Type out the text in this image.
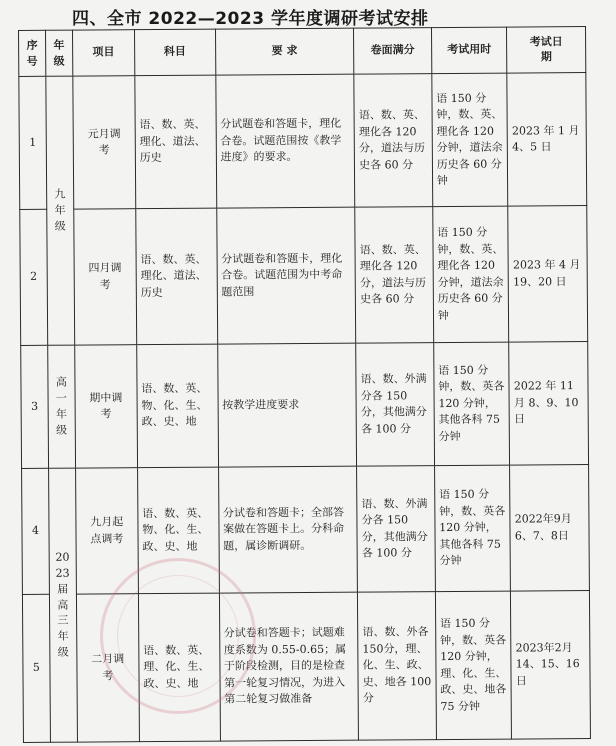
四、全市 2022—2023 学年度调研考试安排
序号	年级	项目	科目	要 求	卷面满分	考试用时	考试日期
1	九年级	元月调考	语、数、英、理化、道法、历史	分试题卷和答题卡，理化合卷。试题范围按《教学进度》的要求。	语、数、英、理化各 120 分，道法与历史各 60 分	语 150 分钟，数、英、理化各 120 分钟，道法余历史各 60 分钟	2023 年 1 月 4、5 日
2		四月调考	语、数、英、理化、道法、历史	分试题卷和答题卡，理化合卷。试题范围为中考命题范围	语、数、英、理化各 120 分，道法与历史各 60 分	语 150 分钟，数、英、理化各 120 分钟，道法余历史各 60 分钟	2023 年 4 月 19、20 日
3	高一年级	期中调考	语、数、英、物、化、生、政、史、地	按教学进度要求	语、数、外满分各 150 分，其他满分各 100 分	语 150 分钟，数、英各 120 分钟，其他各科 75 分钟	2022 年 11 月 8、9、10 日
4	2023届高三年级	九月起点调考	语、数、英、物、化、生、政、史、地	分试卷和答题卡；全部答案做在答题卡上。分科命题，属诊断调研。	语、数、外满分各 150 分，其他满分各 100 分	语 150 分钟，数、英各 120 分钟，其他各科 75 分钟	2022年9月6、7、8日
5		二月调考	语、数、英、理、化、生、政、史、地	分试卷和答题卡；试题难度系数为 0.55-0.65；属于阶段检测，目的是检查第一轮复习情况，为进入第二轮复习做准备	语、数、外各150分，理、化、生、政、史、地各 100 分	语 150 分钟，数、英各 120 分钟，理、化、生、政、史、地各 75 分钟	2023年2月14、15、16日
